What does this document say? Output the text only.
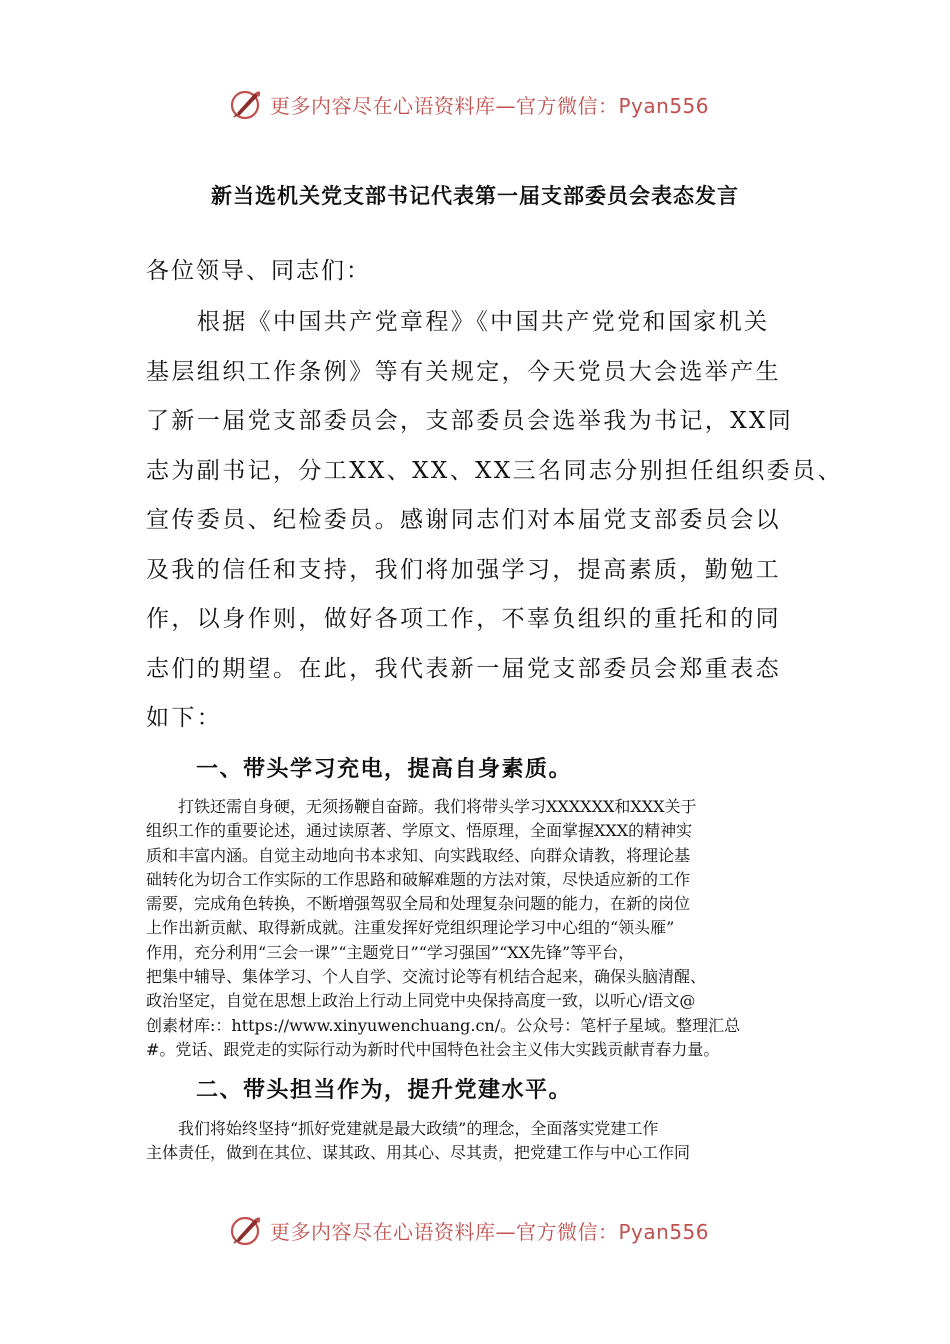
更多内容尽在心语资料库—官方微信：Pyan556
新当选机关党支部书记代表第一届支部委员会表态发言
各位领导、同志们：
　　根据《中国共产党章程》《中国共产党党和国家机关
基层组织工作条例》等有关规定，今天党员大会选举产生
了新一届党支部委员会，支部委员会选举我为书记，XX同
志为副书记，分工XX、XX、XX三名同志分别担任组织委员、
宣传委员、纪检委员。感谢同志们对本届党支部委员会以
及我的信任和支持，我们将加强学习，提高素质，勤勉工
作，以身作则，做好各项工作，不辜负组织的重托和的同
志们的期望。在此，我代表新一届党支部委员会郑重表态
如下：
一、带头学习充电，提高自身素质。
　　打铁还需自身硬，无须扬鞭自奋蹄。我们将带头学习XXXXXX和XXX关于
组织工作的重要论述，通过读原著、学原文、悟原理，全面掌握XXX的精神实
质和丰富内涵。自觉主动地向书本求知、向实践取经、向群众请教，将理论基
础转化为切合工作实际的工作思路和破解难题的方法对策，尽快适应新的工作
需要，完成角色转换，不断増强驾驭全局和处理复杂问题的能力，在新的岗位
上作出新贡献、取得新成就。注重发挥好党组织理论学习中心组的“领头雁”
作用，充分利用“三会一课”“主题党日”“学习强国”“XX先锋”等平台，
把集中辅导、集体学习、个人自学、交流讨论等有机结合起来，确保头脑清醒、
政治坚定，自觉在思想上政治上行动上同党中央保持高度一致，以听心/语文@
创素材库:：https://www.xinyuwenchuang.cn/。公众号：笔杆子星域。整理汇总
#。党话、跟党走的实际行动为新时代中国特色社会主义伟大实践贡献青春力量。
二、带头担当作为，提升党建水平。
　　我们将始终坚持“抓好党建就是最大政绩”的理念，全面落实党建工作
主体责任，做到在其位、谋其政、用其心、尽其责，把党建工作与中心工作同
更多内容尽在心语资料库—官方微信：Pyan556
